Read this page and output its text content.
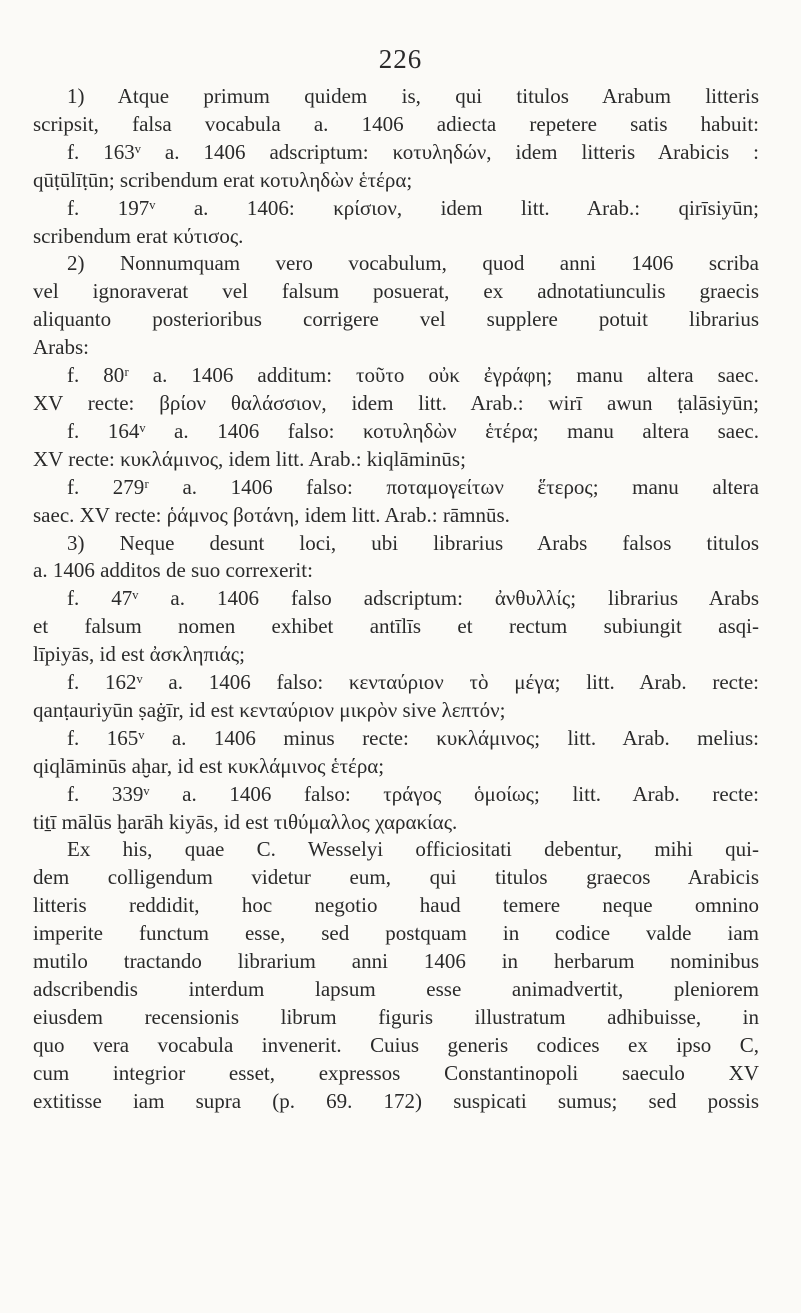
226
1) Atque primum quidem is, qui titulos Arabum litteris
scripsit, falsa vocabula a. 1406 adiecta repetere satis habuit:
f. 163ᵛ a. 1406 adscriptum: κοτυληδών, idem litteris Arabicis :
qūṭūlīṭūn; scribendum erat κοτυληδὼν ἑτέρα;
f. 197ᵛ a. 1406: κρίσιον, idem litt. Arab.: qirīsiyūn;
scribendum erat κύτισος.
2) Nonnumquam vero vocabulum, quod anni 1406 scriba
vel ignoraverat vel falsum posuerat, ex adnotatiunculis graecis
aliquanto posterioribus corrigere vel supplere potuit librarius
Arabs:
f. 80ʳ a. 1406 additum: τοῦτο οὐκ ἐγράφη; manu altera saec.
XV recte: βρίον θαλάσσιον, idem litt. Arab.: wirī awun ṭalāsiyūn;
f. 164ᵛ a. 1406 falso: κοτυληδὼν ἑτέρα; manu altera saec.
XV recte: κυκλάμινος, idem litt. Arab.: kiqlāminūs;
f. 279ʳ a. 1406 falso: ποταμογείτων ἕτερος; manu altera
saec. XV recte: ῥάμνος βοτάνη, idem litt. Arab.: rāmnūs.
3) Neque desunt loci, ubi librarius Arabs falsos titulos
a. 1406 additos de suo correxerit:
f. 47ᵛ a. 1406 falso adscriptum: ἀνθυλλίς; librarius Arabs
et falsum nomen exhibet antīlīs et rectum subiungit asqi-
līpiyās, id est ἀσκληπιάς;
f. 162ᵛ a. 1406 falso: κενταύριον τὸ μέγα; litt. Arab. recte:
qanṭauriyūn ṣaġīr, id est κενταύριον μικρὸν sive λεπτόν;
f. 165ᵛ a. 1406 minus recte: κυκλάμινος; litt. Arab. melius:
qiqlāminūs aḫar, id est κυκλάμινος ἑτέρα;
f. 339ᵛ a. 1406 falso: τράγος ὁμοίως; litt. Arab. recte:
tiṯī mālūs ḫarāh kiyās, id est τιθύμαλλος χαρακίας.
Ex his, quae C. Wesselyi officiositati debentur, mihi qui-
dem colligendum videtur eum, qui titulos graecos Arabicis
litteris reddidit, hoc negotio haud temere neque omnino
imperite functum esse, sed postquam in codice valde iam
mutilo tractando librarium anni 1406 in herbarum nominibus
adscribendis interdum lapsum esse animadvertit, pleniorem
eiusdem recensionis librum figuris illustratum adhibuisse, in
quo vera vocabula invenerit. Cuius generis codices ex ipso C,
cum integrior esset, expressos Constantinopoli saeculo XV
extitisse iam supra (p. 69. 172) suspicati sumus; sed possis
